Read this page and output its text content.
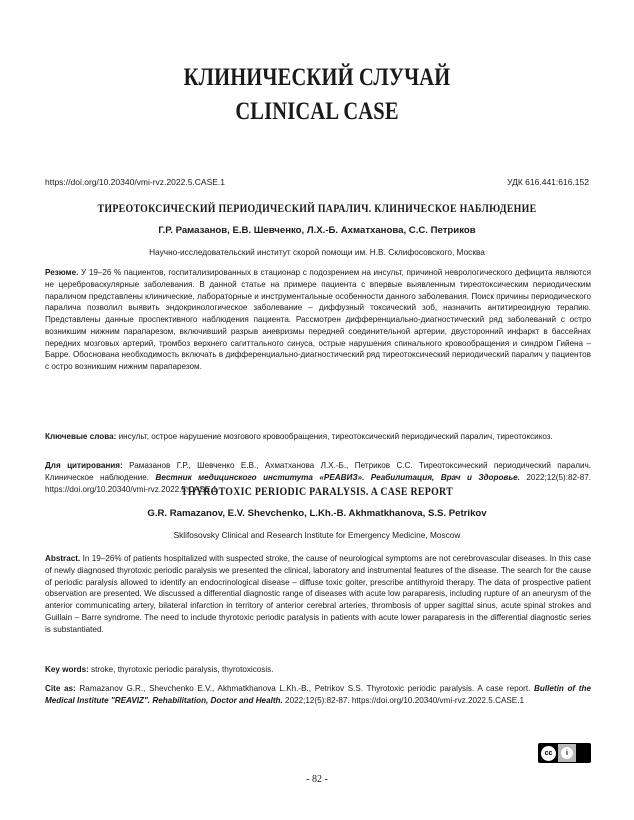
КЛИНИЧЕСКИЙ СЛУЧАЙ
CLINICAL CASE
https://doi.org/10.20340/vmi-rvz.2022.5.CASE.1	УДК 616.441:616.152
ТИРЕОТОКСИЧЕСКИЙ ПЕРИОДИЧЕСКИЙ ПАРАЛИЧ. КЛИНИЧЕСКОЕ НАБЛЮДЕНИЕ
Г.Р. Рамазанов, Е.В. Шевченко, Л.Х.-Б. Ахматханова, С.С. Петриков
Научно-исследовательский институт скорой помощи им. Н.В. Склифосовского, Москва
Резюме. У 19–26 % пациентов, госпитализированных в стационар с подозрением на инсульт, причиной неврологического дефицита являются не цереброваскулярные заболевания. В данной статье на примере пациента с впервые выявленным тиреотоксическим периодическим параличом представлены клинические, лабораторные и инструментальные особенности данного заболевания. Поиск причины периодического паралича позволил выявить эндокринологическое заболевание – диффузный токсический зоб, назначить антитиреоидную терапию. Представлены данные проспективного наблюдения пациента. Рассмотрен дифференциально-диагностический ряд заболеваний с остро возникшим нижним парапарезом, включивший разрыв аневризмы передней соединительной артерии, двусторонний инфаркт в бассейнах передних мозговых артерий, тромбоз верхнего сагиттального синуса, острые нарушения спинального кровообращения и синдром Гийена – Барре. Обоснована необходимость включать в дифференциально-диагностический ряд тиреотоксический периодический паралич у пациентов с остро возникшим нижним парапарезом.
Ключевые слова: инсульт, острое нарушение мозгового кровообращения, тиреотоксический периодический паралич, тиреотоксикоз.
Для цитирования: Рамазанов Г.Р., Шевченко Е.В., Ахматханова Л.Х.-Б., Петриков С.С. Тиреотоксический периодический паралич. Клиническое наблюдение. Вестник медицинского института «РЕАВИЗ». Реабилитация, Врач и Здоровье. 2022;12(5):82-87. https://doi.org/10.20340/vmi-rvz.2022.5.CASE.1
THYROTOXIC PERIODIC PARALYSIS. A CASE REPORT
G.R. Ramazanov, E.V. Shevchenko, L.Kh.-B. Akhmatkhanova, S.S. Petrikov
Sklifosovsky Clinical and Research Institute for Emergency Medicine, Moscow
Abstract. In 19–26% of patients hospitalized with suspected stroke, the cause of neurological symptoms are not cerebrovascular diseases. In this case of newly diagnosed thyrotoxic periodic paralysis we presented the clinical, laboratory and instrumental features of the disease. The search for the cause of periodic paralysis allowed to identify an endocrinological disease – diffuse toxic goiter, prescribe antithyroid therapy. The data of prospective patient observation are presented. We discussed a differential diagnostic range of diseases with acute low paraparesis, including rupture of an aneurysm of the anterior communicating artery, bilateral infarction in territory of anterior cerebral arteries, thrombosis of upper sagittal sinus, acute spinal strokes and Guillain – Barre syndrome. The need to include thyrotoxic periodic paralysis in patients with acute lower paraparesis in the differential diagnostic series is substantiated.
Key words: stroke, thyrotoxic periodic paralysis, thyrotoxicosis.
Cite as: Ramazanov G.R., Shevchenko E.V., Akhmatkhanova L.Kh.-B., Petrikov S.S. Thyrotoxic periodic paralysis. A case report. Bulletin of the Medical Institute "REAVIZ". Rehabilitation, Doctor and Health. 2022;12(5):82-87. https://doi.org/10.20340/vmi-rvz.2022.5.CASE.1
cc	i
- 82 -
